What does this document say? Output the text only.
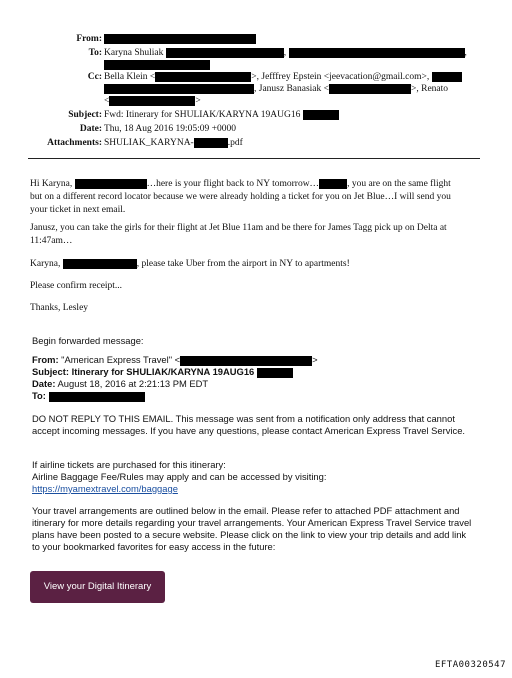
From:
To: Karyna Shuliak	,	,
Cc: Bella Klein <	>, Jefffrey Epstein <jeevacation@gmail.com>,
, Janusz Banasiak <	>, Renato
<	>
Subject: Fwd: Itinerary for SHULIAK/KARYNA 19AUG16
Date: Thu, 18 Aug 2016 19:05:09 +0000
Attachments: SHULIAK_KARYNA-	.pdf

Hi Karyna,	…here is your flight back to NY tomorrow…	, you are on the same flight

but on a different record locator because we were already holding a ticket for you on Jet Blue…I will send you

your ticket in next email.

Janusz, you can take the girls for their flight at Jet Blue 11am and be there for James Tagg pick up on Delta at 11:47am…
Karyna,	, please take Uber from the airport in NY to apartments!
Please confirm receipt...
Thanks, Lesley
Begin forwarded message:

From: "American Express Travel" <	>

Subject: Itinerary for SHULIAK/KARYNA 19AUG16

Date: August 18, 2016 at 2:21:13 PM EDT

To:

DO NOT REPLY TO THIS EMAIL. This message was sent from a notification only address that cannot accept incoming messages. If you have any questions, please contact American Express Travel Service.

If airline tickets are purchased for this itinerary:

Airline Baggage Fee/Rules may apply and can be accessed by visiting:

https://myamextravel.com/baggage

Your travel arrangements are outlined below in the email. Please refer to attached PDF attachment and itinerary for more details regarding your travel arrangements. Your American Express Travel Service travel plans have been posted to a secure website. Please click on the link to view your trip details and add link to your bookmarked favorites for easy access in the future:
View your Digital Itinerary
EFTA00320547
